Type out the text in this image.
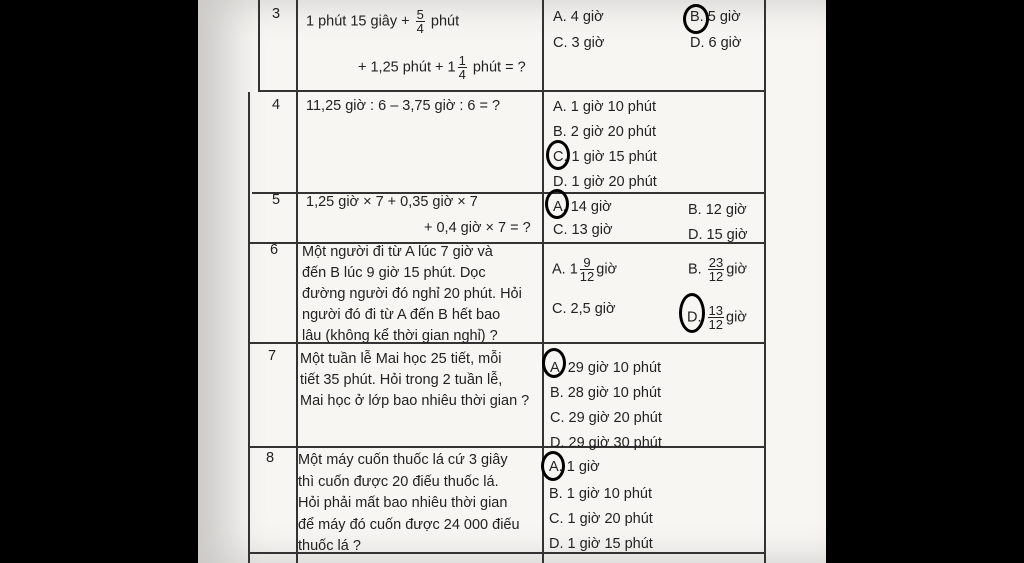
3 1 phút 15 giây + $\frac{5}{4}$ phút
+ 1,25 phút + $1 \frac{1}{4}$ phút = ?
A. 4 giờ	B. 5 giờ
C. 3 giờ	D. 6 giờ
4 11,25 giờ : 6 – 3,75 giờ : 6 = ?	A. 1 giờ 10 phút
B. 2 giờ 20 phút
C. 1 giờ 15 phút
D. 1 giờ 20 phút
5 1,25 giờ × 7 + 0,35 giờ × 7
+ 0,4 giờ × 7 = ?
A. 14 giờ	B. 12 giờ
C. 13 giờ	D. 15 giờ
6 Một người đi từ A lúc 7 giờ và
đến B lúc 9 giờ 15 phút. Dọc
đường người đó nghỉ 20 phút. Hỏi
người đó đi từ A đến B hết bao
lâu (không kể thời gian nghỉ) ?
A. $1 \frac{9}{12}$ giờ	B. $\frac{23}{12}$ giờ
C. 2,5 giờ
D. $\frac{13}{12}$ giờ
7 Một tuần lễ Mai học 25 tiết, mỗi
tiết 35 phút. Hỏi trong 2 tuần lễ,
Mai học ở lớp bao nhiêu thời gian ?
A. 29 giờ 10 phút
B. 28 giờ 10 phút
C. 29 giờ 20 phút
D. 29 giờ 30 phút
8 Một máy cuốn thuốc lá cứ 3 giây
thì cuốn được 20 điếu thuốc lá.
Hỏi phải mất bao nhiêu thời gian
để máy đó cuốn được 24 000 điếu
thuốc lá ?
A. 1 giờ
B. 1 giờ 10 phút
C. 1 giờ 20 phút
D. 1 giờ 15 phút
